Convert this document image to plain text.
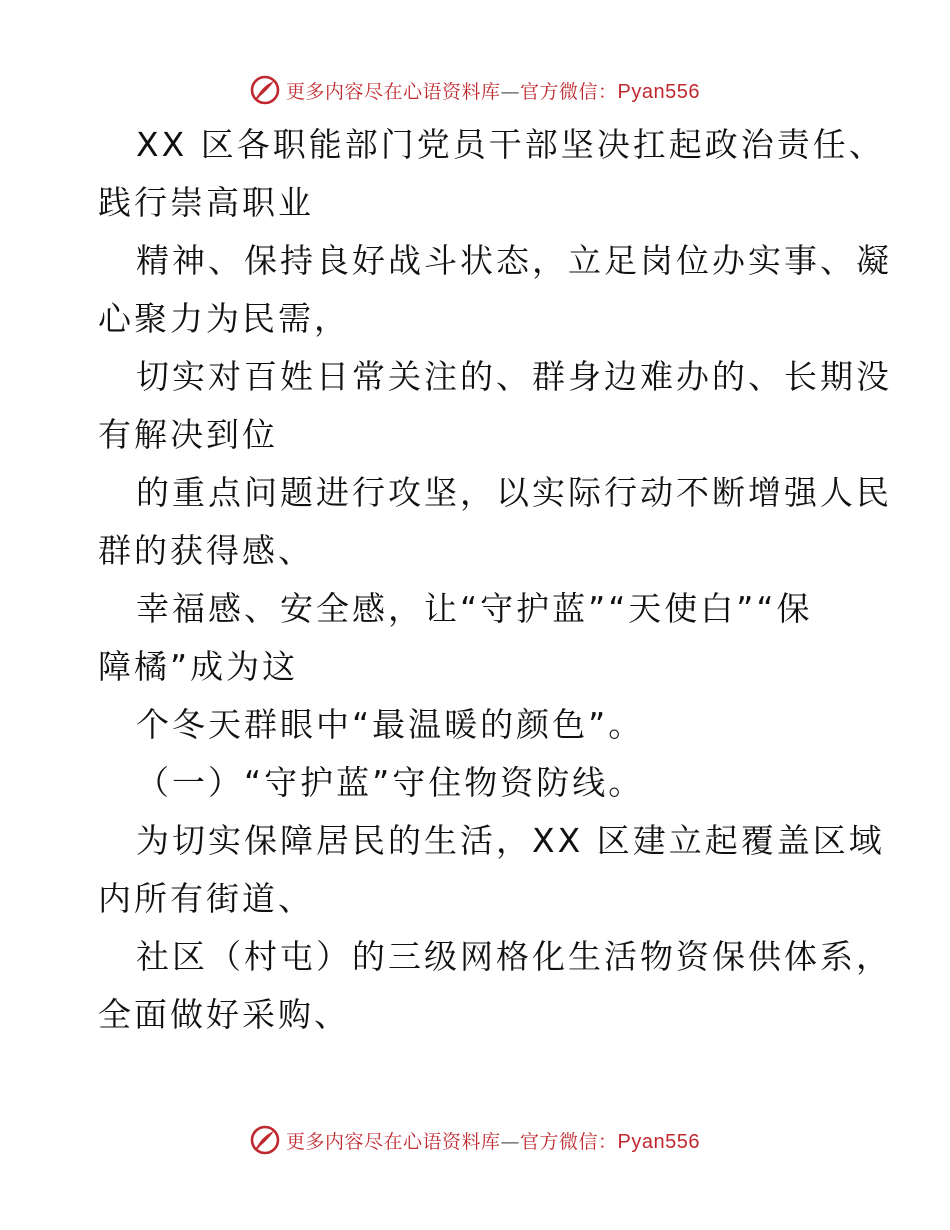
更多内容尽在心语资料库—官方微信：Pyan556

XX 区各职能部门党员干部坚决扛起政治责任、

践行崇高职业

精神、保持良好战斗状态，立足岗位办实事、凝

心聚力为民需，

切实对百姓日常关注的、群身边难办的、长期没

有解决到位

的重点问题进行攻坚，以实际行动不断增强人民

群的获得感、

幸福感、安全感，让“守护蓝”“天使白”“保

障橘”成为这

个冬天群眼中“最温暖的颜色”。

（一）“守护蓝”守住物资防线。

为切实保障居民的生活，XX 区建立起覆盖区域

内所有街道、

社区（村屯）的三级网格化生活物资保供体系，

全面做好采购、

更多内容尽在心语资料库—官方微信：Pyan556
